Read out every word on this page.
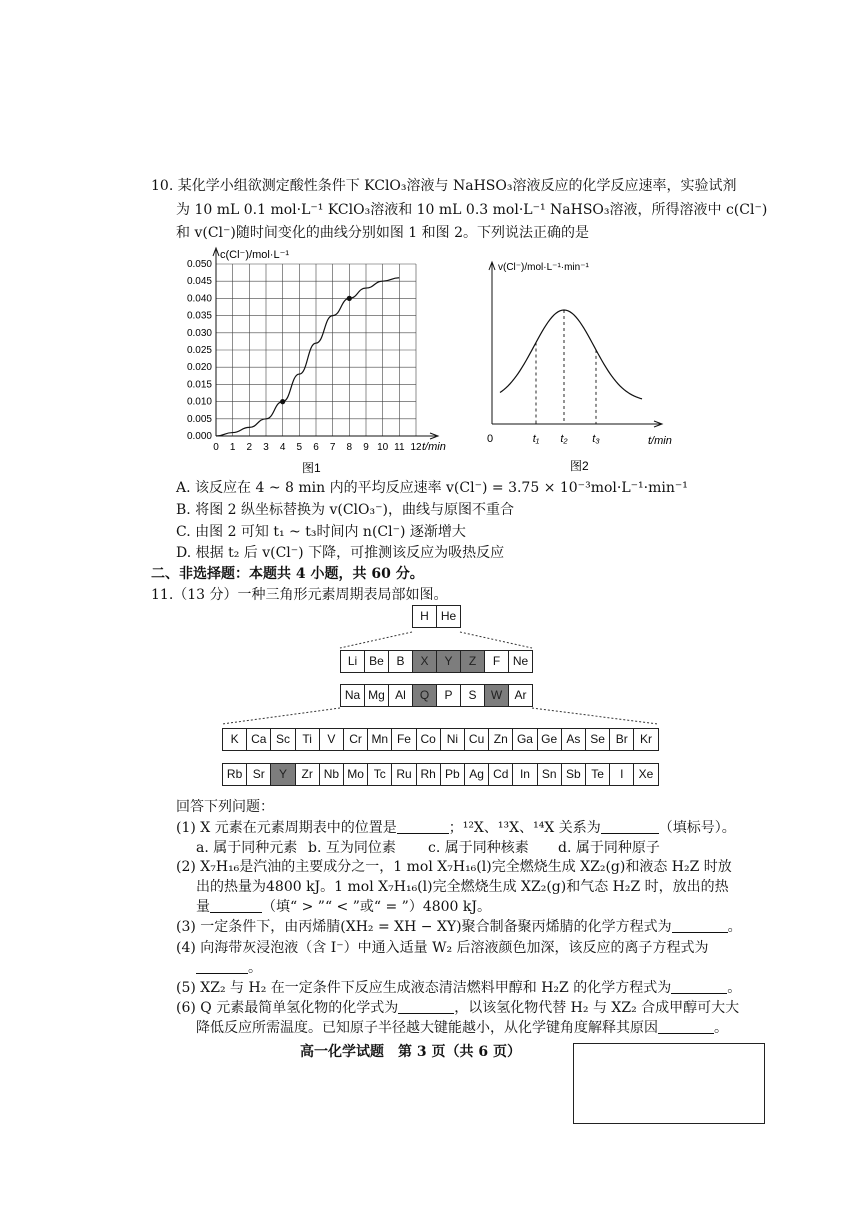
10. 某化学小组欲测定酸性条件下 KClO₃溶液与 NaHSO₃溶液反应的化学反应速率，实验试剂
为 10 mL 0.1 mol·L⁻¹ KClO₃溶液和 10 mL 0.3 mol·L⁻¹ NaHSO₃溶液，所得溶液中 c(Cl⁻)
和 v(Cl⁻)随时间变化的曲线分别如图 1 和图 2。下列说法正确的是
0.000
0.005
0.010
0.015
0.020
0.025
0.030
0.035
0.040
0.045
0.050
0 1 2 3 4 5 6 7 8 9 10 11 12
c(Cl⁻)/mol·L⁻¹
t/min
图1
0	t₁ t₂ t₃
v(Cl⁻)/mol·L⁻¹·min⁻¹
t/min
图2
A. 该反应在 4 ~ 8 min 内的平均反应速率 v(Cl⁻) = 3.75 × 10⁻³mol·L⁻¹·min⁻¹
B. 将图 2 纵坐标替换为 v(ClO₃⁻)，曲线与原图不重合
C. 由图 2 可知 t₁ ~ t₃时间内 n(Cl⁻) 逐渐增大
D. 根据 t₂ 后 v(Cl⁻) 下降，可推测该反应为吸热反应
二、非选择题：本题共 4 小题，共 60 分。
11.（13 分）一种三角形元素周期表局部如图。
H	He
Li Be	B	X	Y	Z	F	Ne
Na Mg Al	Q	P	S	W	Ar
K	Ca Sc	Ti	V	Cr Mn Fe Co Ni Cu Zn Ga Ge As Se Br	Kr
Rb Sr	Y	Zr Nb Mo Tc Ru Rh Pb Ag Cd In Sn Sb Te	I	Xe
回答下列问题：
(1) X 元素在元素周期表中的位置是	；¹²X、¹³X、¹⁴X 关系为	（填标号）。
a. 属于同种元素 b. 互为同位素 c. 属于同种核素 d. 属于同种原子
(2) X₇H₁₆是汽油的主要成分之一，1 mol X₇H₁₆(l)完全燃烧生成 XZ₂(g)和液态 H₂Z 时放
出的热量为4800 kJ。1 mol X₇H₁₆(l)完全燃烧生成 XZ₂(g)和气态 H₂Z 时，放出的热
量	（填“ > ”“ < ”或“ = ”）4800 kJ。
(3) 一定条件下，由丙烯腈(XH₂ = XH − XY)聚合制备聚丙烯腈的化学方程式为	。
(4) 向海带灰浸泡液（含 I⁻）中通入适量 W₂ 后溶液颜色加深，该反应的离子方程式为
。
(5) XZ₂ 与 H₂ 在一定条件下反应生成液态清洁燃料甲醇和 H₂Z 的化学方程式为	。
(6) Q 元素最简单氢化物的化学式为	，以该氢化物代替 H₂ 与 XZ₂ 合成甲醇可大大
降低反应所需温度。已知原子半径越大键能越小，从化学键角度解释其原因	。
高一化学试题　第 3 页（共 6 页）
